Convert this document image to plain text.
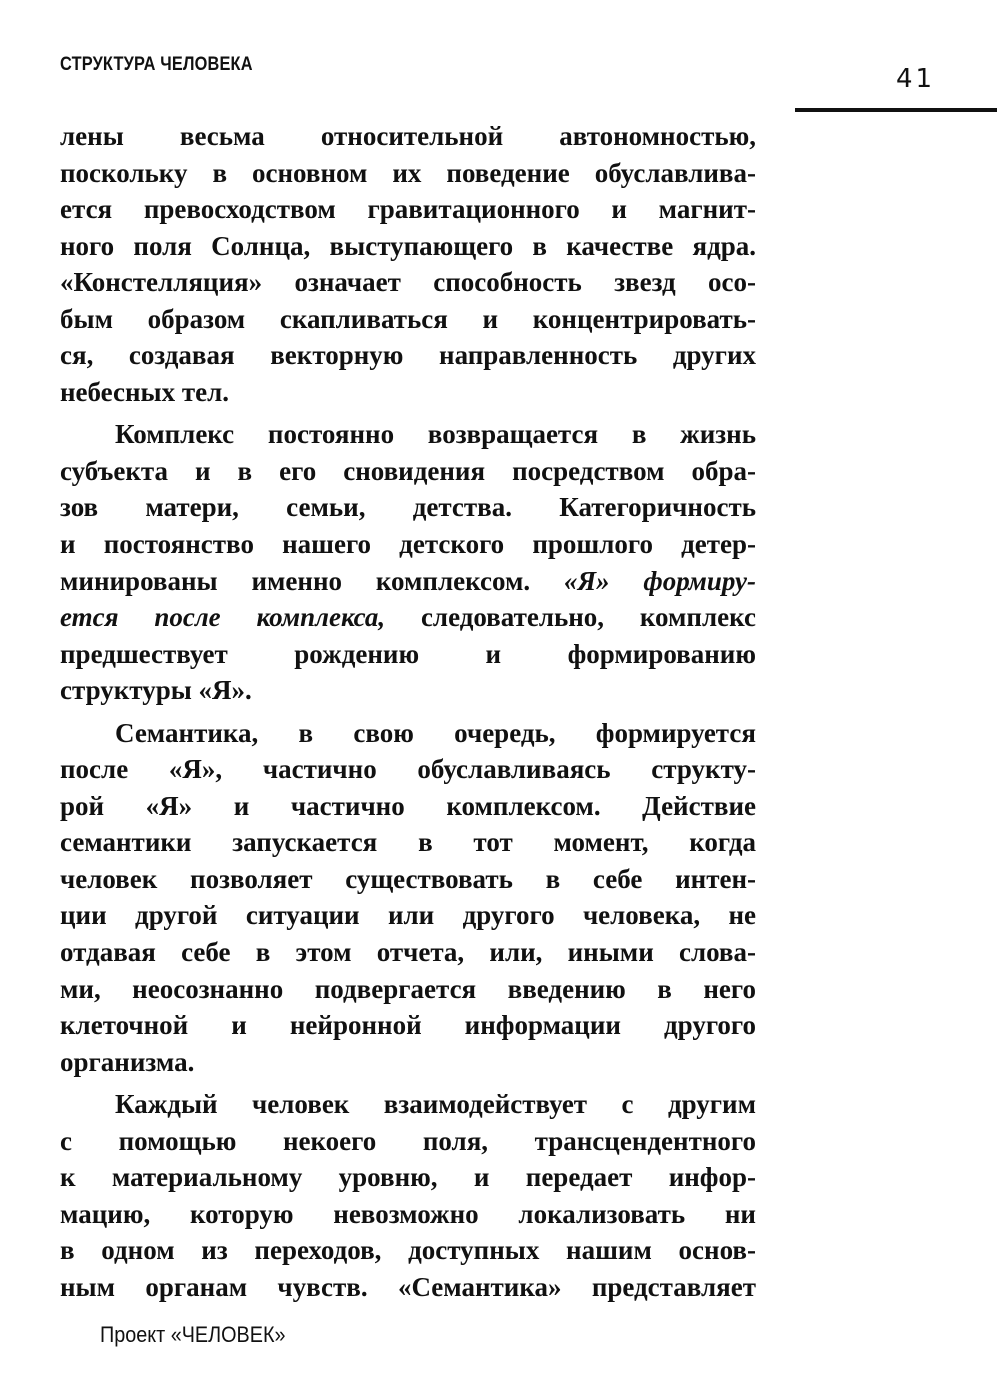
СТРУКТУРА ЧЕЛОВЕКА	41
лены весьма относительной автономностью,
поскольку в основном их поведение обуславлива-
ется превосходством гравитационного и магнит-
ного поля Солнца, выступающего в качестве ядра.
«Констелляция» означает способность звезд осо-
бым образом скапливаться и концентрировать-
ся, создавая векторную направленность других
небесных тел.
Комплекс постоянно возвращается в жизнь
субъекта и в его сновидения посредством обра-
зов матери, семьи, детства. Категоричность
и постоянство нашего детского прошлого детер-
минированы именно комплексом. «Я» формиру-
ется после комплекса, следовательно, комплекс
предшествует рождению и формированию
структуры «Я».
Семантика, в свою очередь, формируется
после «Я», частично обуславливаясь структу-
рой «Я» и частично комплексом. Действие
семантики запускается в тот момент, когда
человек позволяет существовать в себе интен-
ции другой ситуации или другого человека, не
отдавая себе в этом отчета, или, иными слова-
ми, неосознанно подвергается введению в него
клеточной и нейронной информации другого
организма.
Каждый человек взаимодействует с другим
с помощью некоего поля, трансцендентного
к материальному уровню, и передает инфор-
мацию, которую невозможно локализовать ни
в одном из переходов, доступных нашим основ-
ным органам чувств. «Семантика» представляет
Проект «ЧЕЛОВЕК»
